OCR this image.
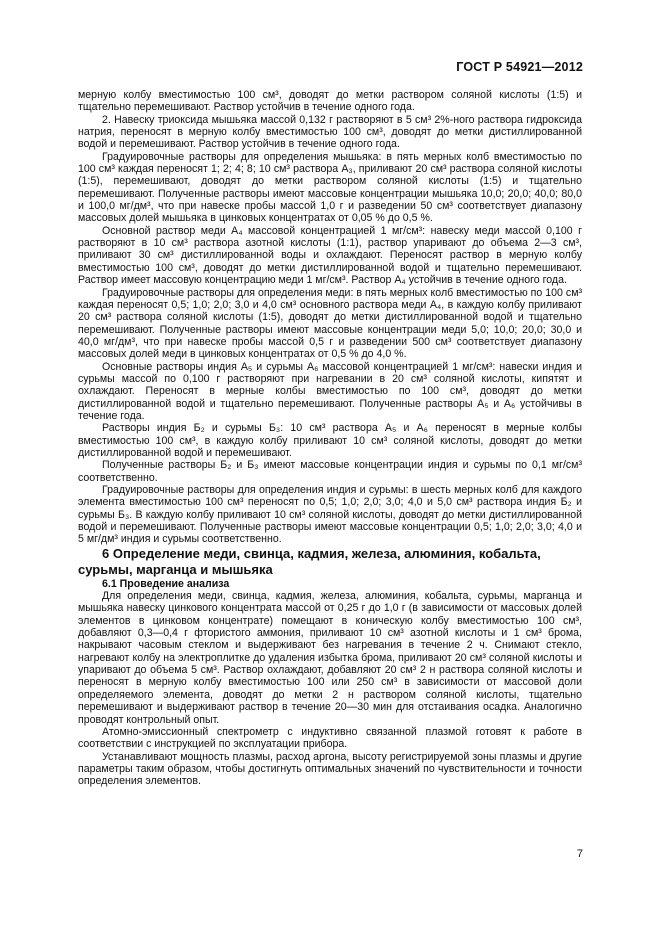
ГОСТ Р 54921—2012

мерную колбу вместимостью 100 см³, доводят до метки раствором соляной кислоты (1:5) и тщательно перемешивают. Раствор устойчив в течение одного года.

2. Навеску триоксида мышьяка массой 0,132 г растворяют в 5 см³ 2%-ного раствора гидроксида натрия, переносят в мерную колбу вместимостью 100 см³, доводят до метки дистиллированной водой и перемешивают. Раствор устойчив в течение одного года.

Градуировочные растворы для определения мышьяка: в пять мерных колб вместимостью по 100 см³ каждая переносят 1; 2; 4; 8; 10 см³ раствора А₃, приливают 20 см³ раствора соляной кислоты (1:5), перемешивают, доводят до метки раствором соляной кислоты (1:5) и тщательно перемешивают. Полученные растворы имеют массовые концентрации мышьяка 10,0; 20,0; 40,0; 80,0 и 100,0 мг/дм³, что при навеске пробы массой 1,0 г и разведении 50 см³ соответствует диапазону массовых долей мышьяка в цинковых концентратах от 0,05 % до 0,5 %.

Основной раствор меди А₄ массовой концентрацией 1 мг/см³: навеску меди массой 0,100 г растворяют в 10 см³ раствора азотной кислоты (1:1), раствор упаривают до объема 2—3 см³, приливают 30 см³ дистиллированной воды и охлаждают. Переносят раствор в мерную колбу вместимостью 100 см³, доводят до метки дистиллированной водой и тщательно перемешивают. Раствор имеет массовую концентрацию меди 1 мг/см³. Раствор А₄ устойчив в течение одного года.

Градуировочные растворы для определения меди: в пять мерных колб вместимостью по 100 см³ каждая переносят 0,5; 1,0; 2,0; 3,0 и 4,0 см³ основного раствора меди А₄, в каждую колбу приливают 20 см³ раствора соляной кислоты (1:5), доводят до метки дистиллированной водой и тщательно перемешивают. Полученные растворы имеют массовые концентрации меди 5,0; 10,0; 20,0; 30,0 и 40,0 мг/дм³, что при навеске пробы массой 0,5 г и разведении 500 см³ соответствует диапазону массовых долей меди в цинковых концентратах от 0,5 % до 4,0 %.

Основные растворы индия А₅ и сурьмы А₆ массовой концентрацией 1 мг/см³: навески индия и сурьмы массой по 0,100 г растворяют при нагревании в 20 см³ соляной кислоты, кипятят и охлаждают. Переносят в мерные колбы вместимостью по 100 см³, доводят до метки дистиллированной водой и тщательно перемешивают. Полученные растворы А₅ и А₆ устойчивы в течение года.

Растворы индия Б₂ и сурьмы Б₃: 10 см³ раствора А₅ и А₆ переносят в мерные колбы вместимостью 100 см³, в каждую колбу приливают 10 см³ соляной кислоты, доводят до метки дистиллированной водой и перемешивают.

Полученные растворы Б₂ и Б₃ имеют массовые концентрации индия и сурьмы по 0,1 мг/см³ соответственно.

Градуировочные растворы для определения индия и сурьмы: в шесть мерных колб для каждого элемента вместимостью 100 см³ переносят по 0,5; 1,0; 2,0; 3,0; 4,0 и 5,0 см³ раствора индия Б₂ и сурьмы Б₃. В каждую колбу приливают 10 см³ соляной кислоты, доводят до метки дистиллированной водой и перемешивают. Полученные растворы имеют массовые концентрации 0,5; 1,0; 2,0; 3,0; 4,0 и 5 мг/дм³ индия и сурьмы соответственно.

6 Определение меди, свинца, кадмия, железа, алюминия, кобальта, сурьмы, марганца и мышьяка

6.1 Проведение анализа

Для определения меди, свинца, кадмия, железа, алюминия, кобальта, сурьмы, марганца и мышьяка навеску цинкового концентрата массой от 0,25 г до 1,0 г (в зависимости от массовых долей элементов в цинковом концентрате) помещают в коническую колбу вместимостью 100 см³, добавляют 0,3—0,4 г фтористого аммония, приливают 10 см³ азотной кислоты и 1 см³ брома, накрывают часовым стеклом и выдерживают без нагревания в течение 2 ч. Снимают стекло, нагревают колбу на электроплитке до удаления избытка брома, приливают 20 см³ соляной кислоты и упаривают до объема 5 см³. Раствор охлаждают, добавляют 20 см³ 2 н раствора соляной кислоты и переносят в мерную колбу вместимостью 100 или 250 см³ в зависимости от массовой доли определяемого элемента, доводят до метки 2 н раствором соляной кислоты, тщательно перемешивают и выдерживают раствор в течение 20—30 мин для отстаивания осадка. Аналогично проводят контрольный опыт.

Атомно-эмиссионный спектрометр с индуктивно связанной плазмой готовят к работе в соответствии с инструкцией по эксплуатации прибора.

Устанавливают мощность плазмы, расход аргона, высоту регистрируемой зоны плазмы и другие параметры таким образом, чтобы достигнуть оптимальных значений по чувствительности и точности определения элементов.

7
